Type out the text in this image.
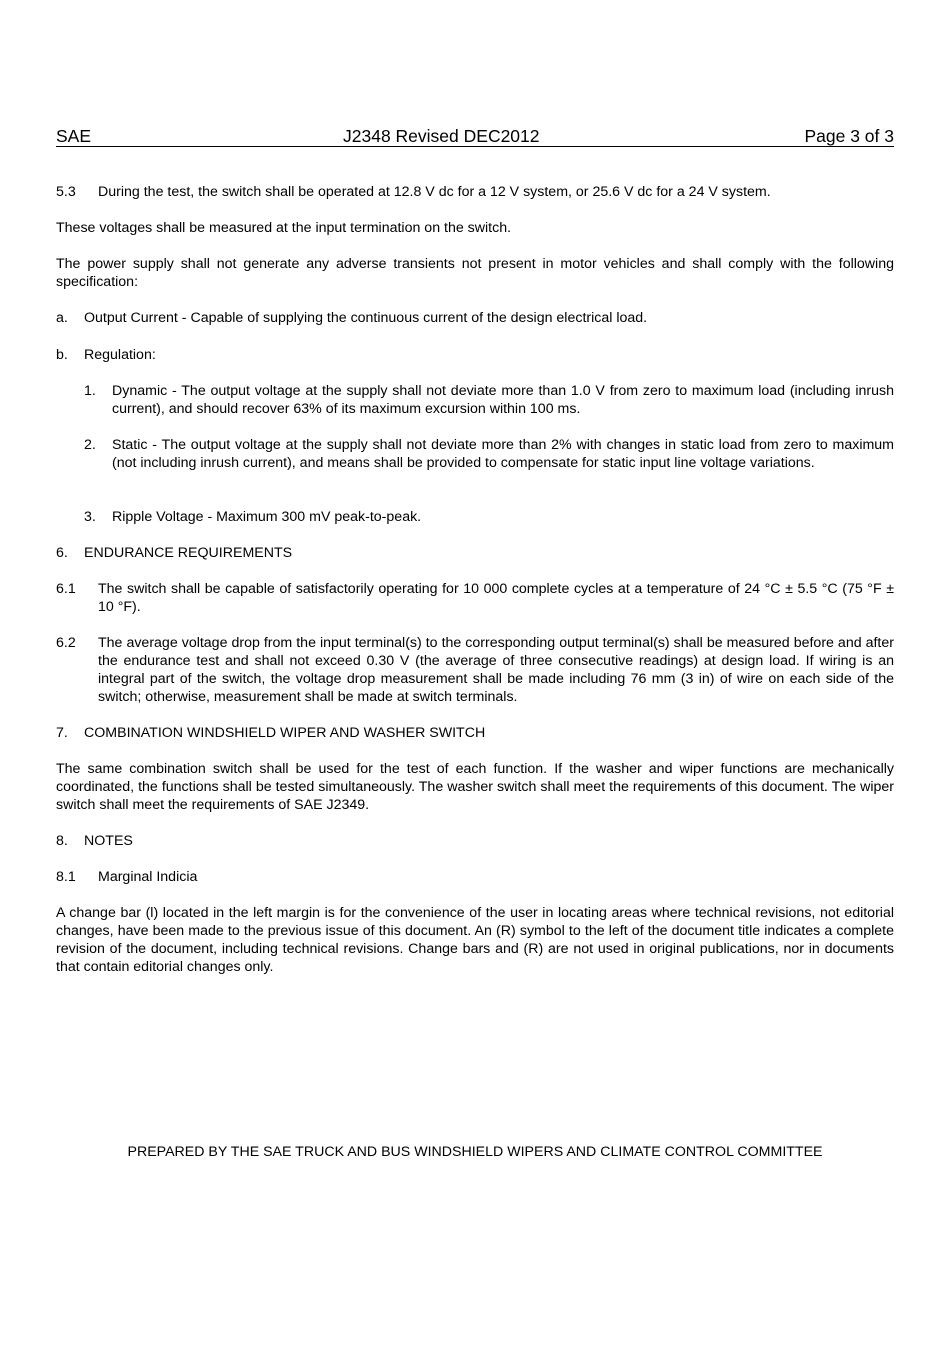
SAE	J2348 Revised DEC2012	Page 3 of 3
5.3 During the test, the switch shall be operated at 12.8 V dc for a 12 V system, or 25.6 V dc for a 24 V system.
These voltages shall be measured at the input termination on the switch.
The power supply shall not generate any adverse transients not present in motor vehicles and shall comply with the following specification:
a. Output Current - Capable of supplying the continuous current of the design electrical load.
b. Regulation:
1. Dynamic - The output voltage at the supply shall not deviate more than 1.0 V from zero to maximum load (including inrush current), and should recover 63% of its maximum excursion within 100 ms.
2. Static - The output voltage at the supply shall not deviate more than 2% with changes in static load from zero to maximum (not including inrush current), and means shall be provided to compensate for static input line voltage variations.
3. Ripple Voltage - Maximum 300 mV peak-to-peak.
6. ENDURANCE REQUIREMENTS
6.1 The switch shall be capable of satisfactorily operating for 10 000 complete cycles at a temperature of 24 °C ± 5.5 °C (75 °F ± 10 °F).
6.2 The average voltage drop from the input terminal(s) to the corresponding output terminal(s) shall be measured before and after the endurance test and shall not exceed 0.30 V (the average of three consecutive readings) at design load. If wiring is an integral part of the switch, the voltage drop measurement shall be made including 76 mm (3 in) of wire on each side of the switch; otherwise, measurement shall be made at switch terminals.
7. COMBINATION WINDSHIELD WIPER AND WASHER SWITCH
The same combination switch shall be used for the test of each function. If the washer and wiper functions are mechanically coordinated, the functions shall be tested simultaneously. The washer switch shall meet the requirements of this document. The wiper switch shall meet the requirements of SAE J2349.
8. NOTES
8.1 Marginal Indicia
A change bar (l) located in the left margin is for the convenience of the user in locating areas where technical revisions, not editorial changes, have been made to the previous issue of this document. An (R) symbol to the left of the document title indicates a complete revision of the document, including technical revisions. Change bars and (R) are not used in original publications, nor in documents that contain editorial changes only.
PREPARED BY THE SAE TRUCK AND BUS WINDSHIELD WIPERS AND CLIMATE CONTROL COMMITTEE
